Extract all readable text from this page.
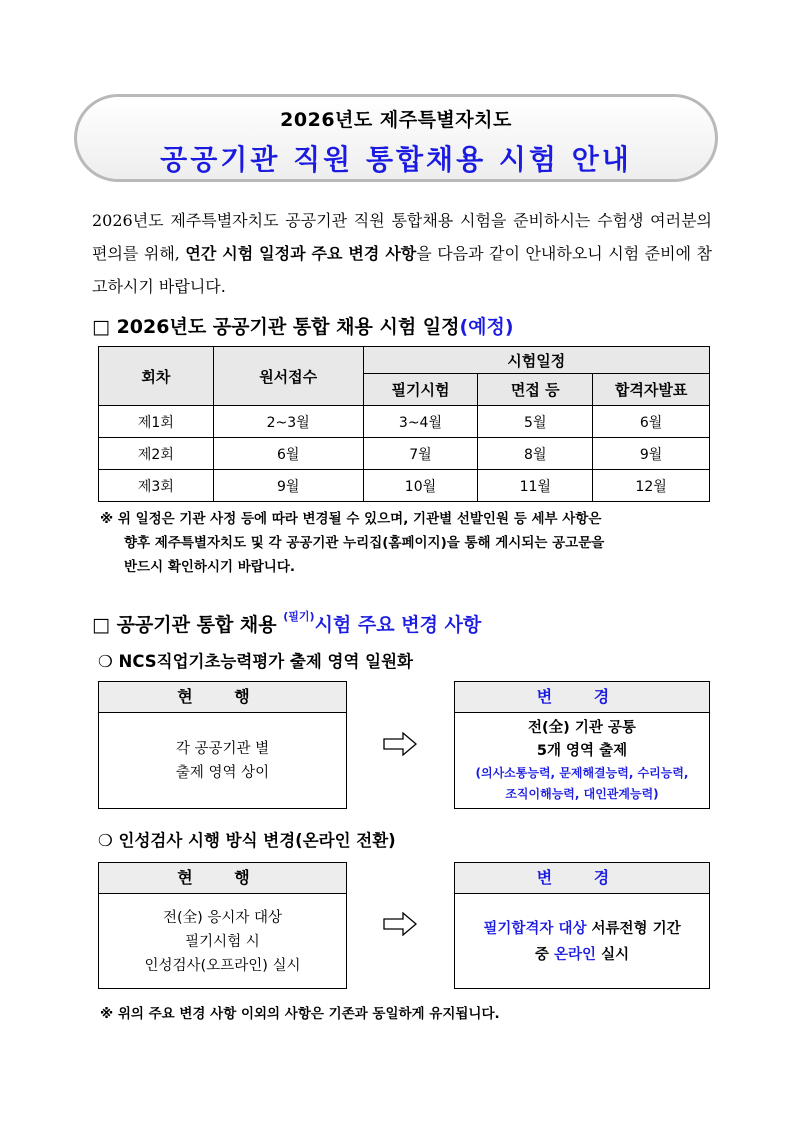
2026년도 제주특별자치도
공공기관 직원 통합채용 시험 안내
2026년도 제주특별자치도 공공기관 직원 통합채용 시험을 준비하시는 수험생 여러분의 편의를 위해, 연간 시험 일정과 주요 변경 사항을 다음과 같이 안내하오니 시험 준비에 참고하시기 바랍니다.
□ 2026년도 공공기관 통합 채용 시험 일정(예정)
회차	원서접수	시험일정		
		필기시험	면접 등	합격자발표
제1회	2~3월	3~4월	5월	6월
제2회	6월	7월	8월	9월
제3회	9월	10월	11월	12월
※ 위 일정은 기관 사정 등에 따라 변경될 수 있으며, 기관별 선발인원 등 세부 사항은
향후 제주특별자치도 및 각 공공기관 누리집(홈페이지)을 통해 게시되는 공고문을
반드시 확인하시기 바랍니다.
□ 공공기관 통합 채용 $^{(필기)}$시험 주요 변경 사항
❍ NCS직업기초능력평가 출제 영역 일원화
현 행
각 공공기관 별
출제 영역 상이
변 경
전(全) 기관 공통
5개 영역 출제
(의사소통능력, 문제해결능력, 수리능력,
조직이해능력, 대인관계능력)
❍ 인성검사 시행 방식 변경(온라인 전환)
현 행
전(全) 응시자 대상
필기시험 시
인성검사(오프라인) 실시
변 경
필기합격자 대상 서류전형 기간
중 온라인 실시
※ 위의 주요 변경 사항 이외의 사항은 기존과 동일하게 유지됩니다.
